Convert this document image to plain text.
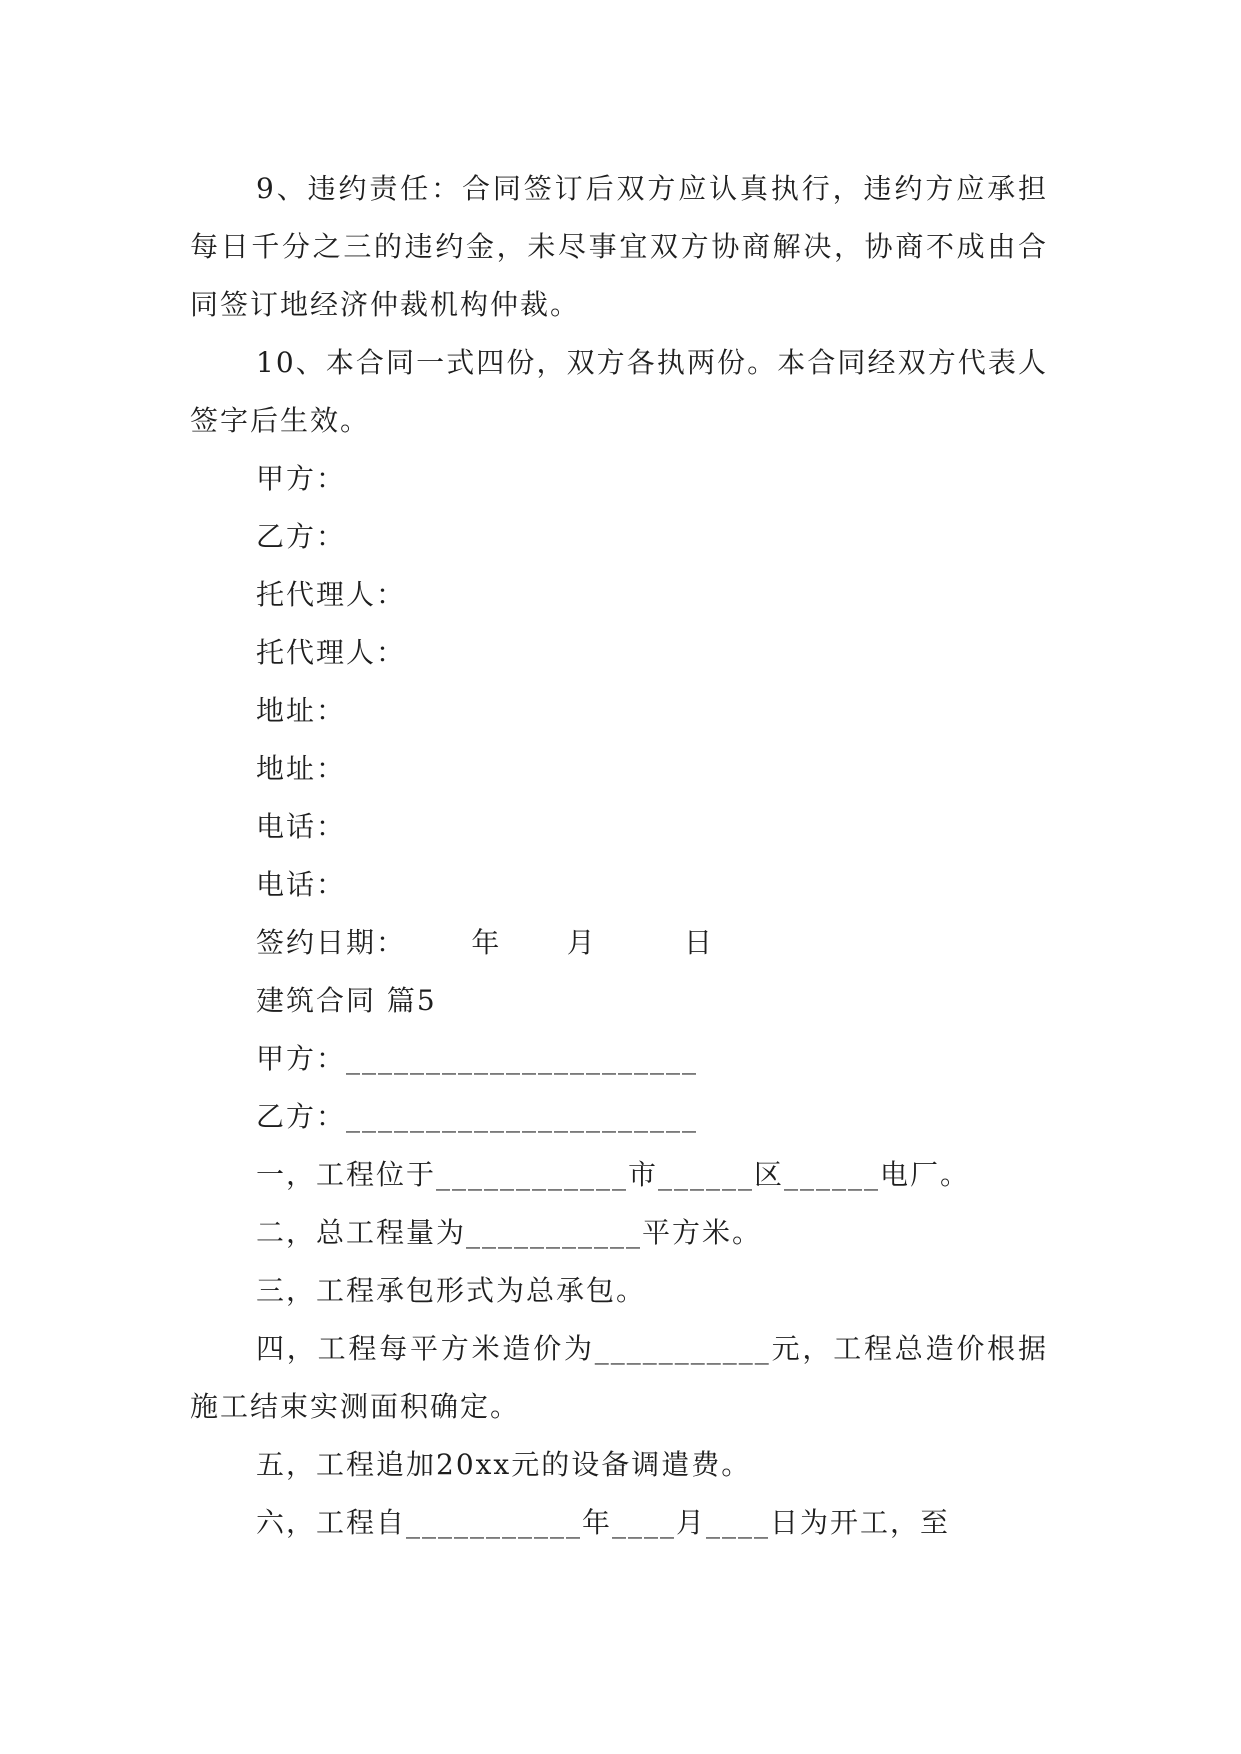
9、违约责任：合同签订后双方应认真执行，违约方应承担每日千分之三的违约金，未尽事宜双方协商解决，协商不成由合同签订地经济仲裁机构仲裁。

10、本合同一式四份，双方各执两份。本合同经双方代表人签字后生效。

甲方：

乙方：

托代理人：

托代理人：

地址：

地址：

电话：

电话：

签约日期：      年      月        日

建筑合同 篇5

甲方：______________________

乙方：______________________

一，工程位于____________市______区______电厂。

二，总工程量为___________平方米。

三，工程承包形式为总承包。

四，工程每平方米造价为___________元，工程总造价根据施工结束实测面积确定。

五，工程追加20xx元的设备调遣费。

六，工程自___________年____月____日为开工，至
